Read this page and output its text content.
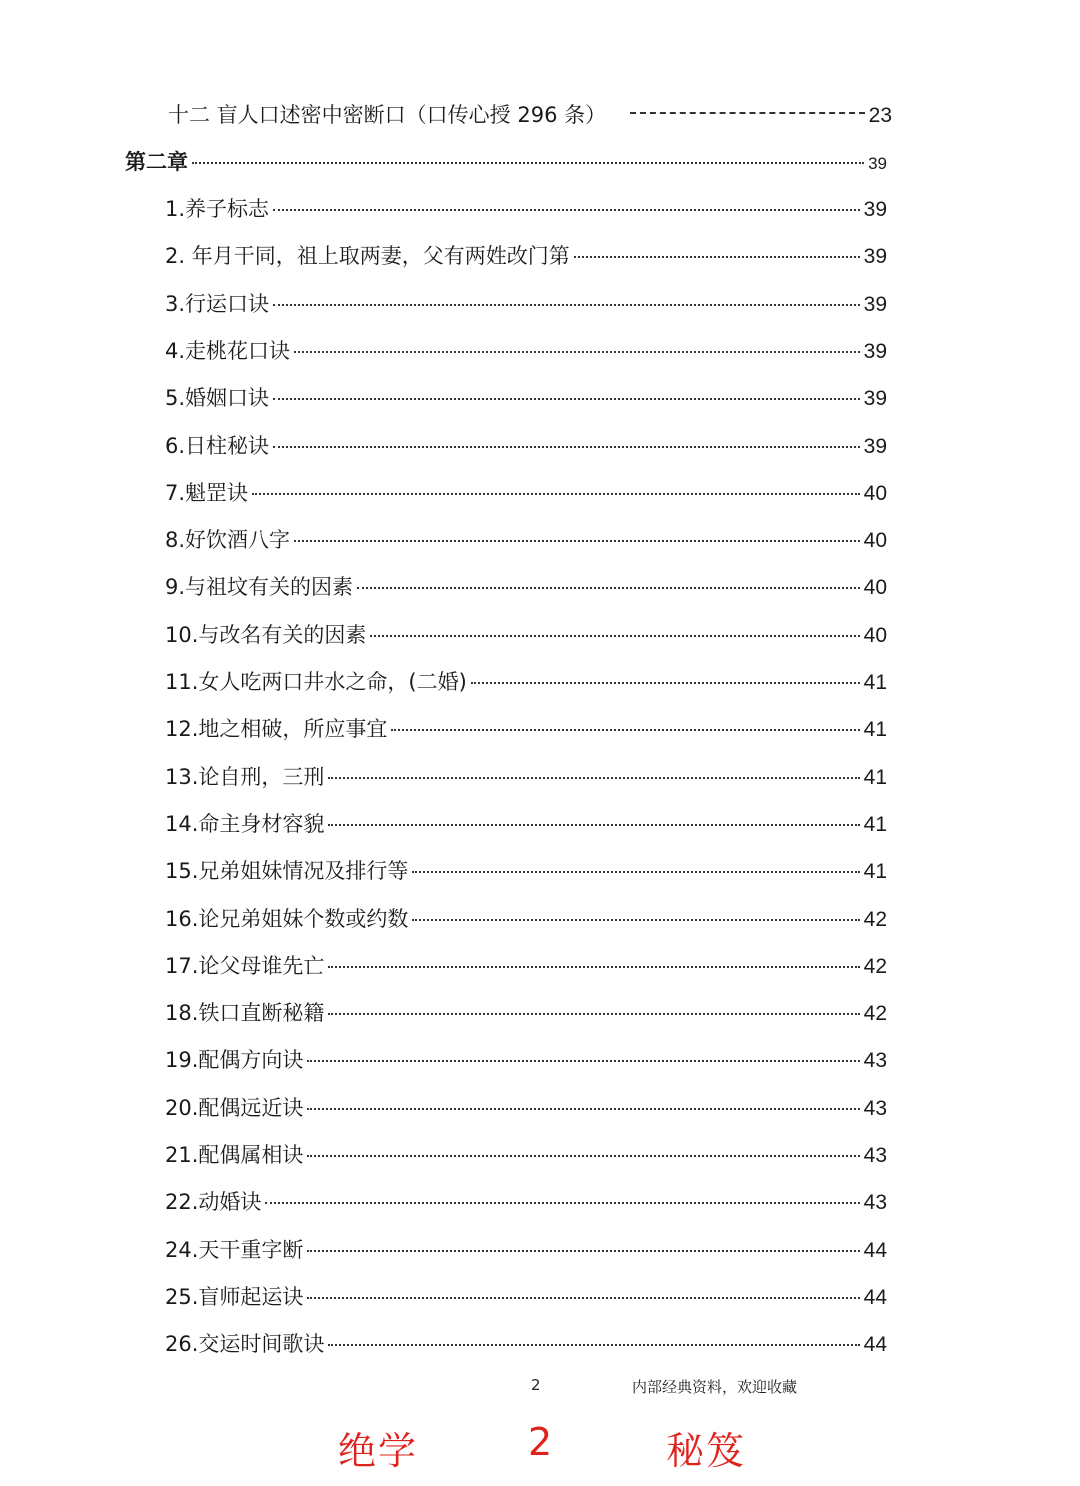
十二 盲人口述密中密断口（口传心授 296 条）	23
第二章	39
1.养子标志	39
2. 年月干同，祖上取两妻，父有两姓改门第	39
3.行运口诀	39
4.走桃花口诀	39
5.婚姻口诀	39
6.日柱秘诀	39
7.魁罡诀	40
8.好饮酒八字	40
9.与祖坟有关的因素	40
10.与改名有关的因素	40
11.女人吃两口井水之命，(二婚)	41
12.地之相破，所应事宜	41
13.论自刑，三刑	41
14.命主身材容貌	41
15.兄弟姐妹情况及排行等	41
16.论兄弟姐妹个数或约数	42
17.论父母谁先亡	42
18.铁口直断秘籍	42
19.配偶方向诀	43
20.配偶远近诀	43
21.配偶属相诀	43
22.动婚诀	43
24.天干重字断	44
25.盲师起运诀	44
26.交运时间歌诀	44
2	内部经典资料，欢迎收藏
绝学	2	秘笈
